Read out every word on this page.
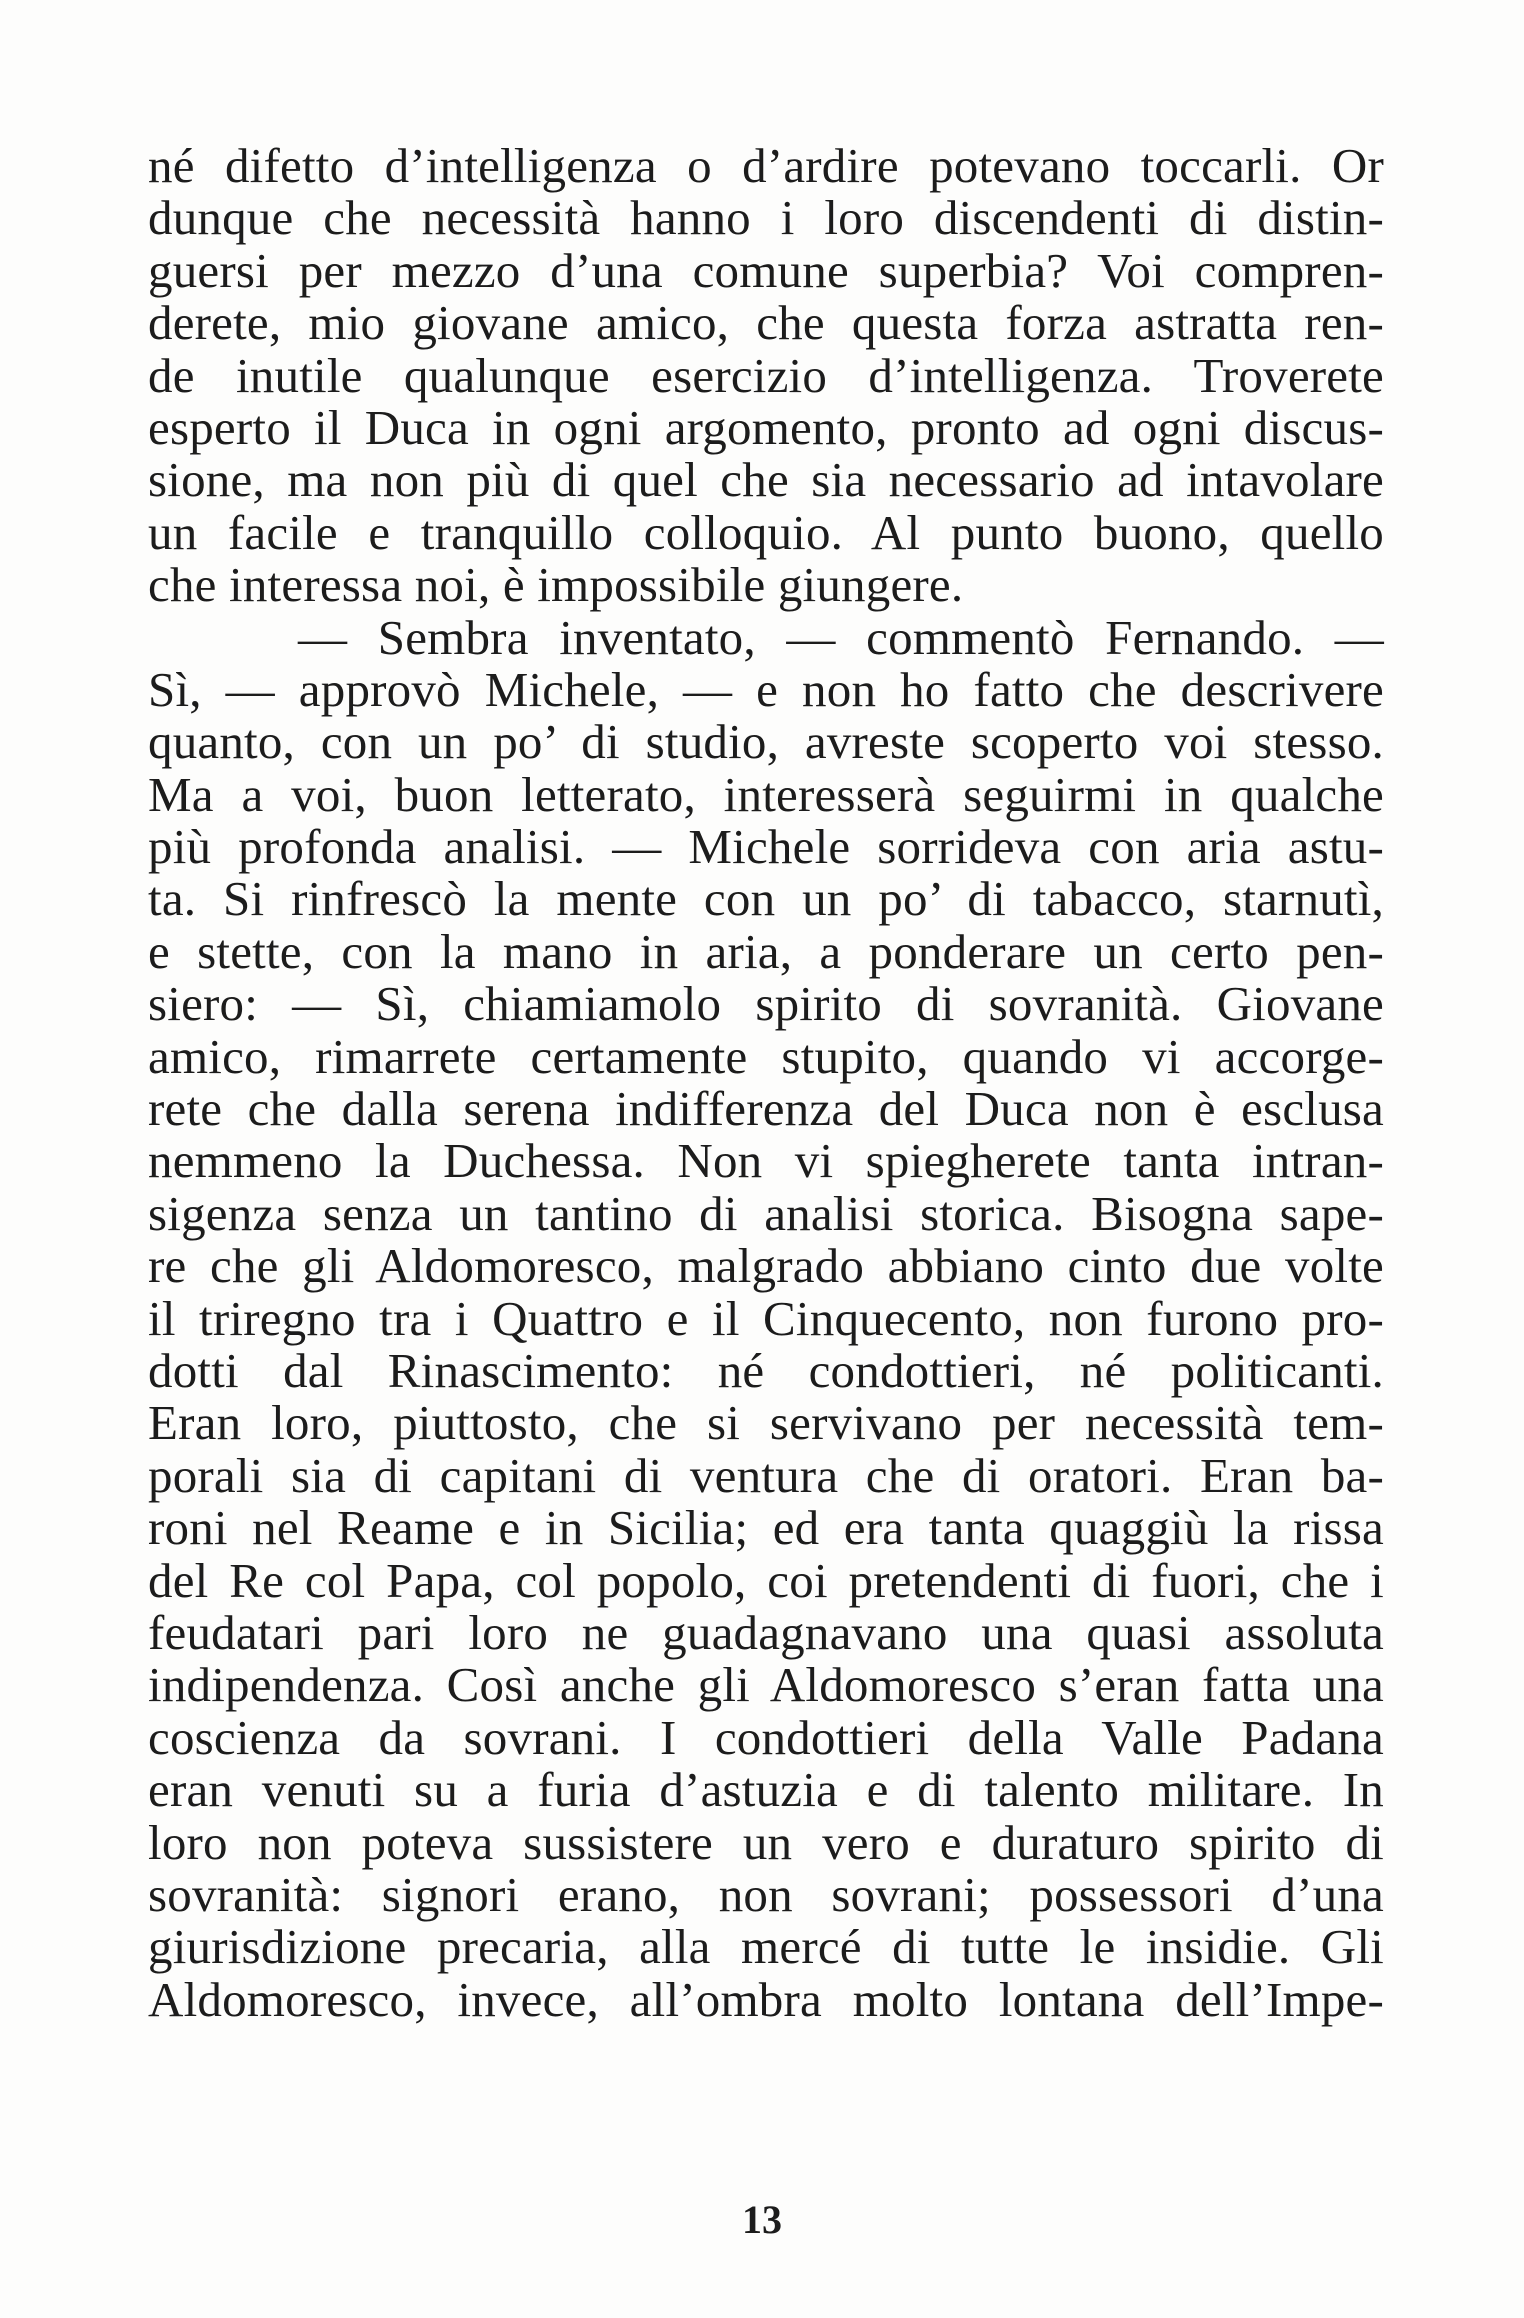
né difetto d’intelligenza o d’ardire potevano toccarli. Or
dunque che necessità hanno i loro discendenti di distin-
guersi per mezzo d’una comune superbia? Voi compren-
derete, mio giovane amico, che questa forza astratta ren-
de inutile qualunque esercizio d’intelligenza. Troverete
esperto il Duca in ogni argomento, pronto ad ogni discus-
sione, ma non più di quel che sia necessario ad intavolare
un facile e tranquillo colloquio. Al punto buono, quello
che interessa noi, è impossibile giungere.
— Sembra inventato, — commentò Fernando. —
Sì, — approvò Michele, — e non ho fatto che descrivere
quanto, con un po’ di studio, avreste scoperto voi stesso.
Ma a voi, buon letterato, interesserà seguirmi in qualche
più profonda analisi. — Michele sorrideva con aria astu-
ta. Si rinfrescò la mente con un po’ di tabacco, starnutì,
e stette, con la mano in aria, a ponderare un certo pen-
siero: — Sì, chiamiamolo spirito di sovranità. Giovane
amico, rimarrete certamente stupito, quando vi accorge-
rete che dalla serena indifferenza del Duca non è esclusa
nemmeno la Duchessa. Non vi spiegherete tanta intran-
sigenza senza un tantino di analisi storica. Bisogna sape-
re che gli Aldomoresco, malgrado abbiano cinto due volte
il triregno tra i Quattro e il Cinquecento, non furono pro-
dotti dal Rinascimento: né condottieri, né politicanti.
Eran loro, piuttosto, che si servivano per necessità tem-
porali sia di capitani di ventura che di oratori. Eran ba-
roni nel Reame e in Sicilia; ed era tanta quaggiù la rissa
del Re col Papa, col popolo, coi pretendenti di fuori, che i
feudatari pari loro ne guadagnavano una quasi assoluta
indipendenza. Così anche gli Aldomoresco s’eran fatta una
coscienza da sovrani. I condottieri della Valle Padana
eran venuti su a furia d’astuzia e di talento militare. In
loro non poteva sussistere un vero e duraturo spirito di
sovranità: signori erano, non sovrani; possessori d’una
giurisdizione precaria, alla mercé di tutte le insidie. Gli
Aldomoresco, invece, all’ombra molto lontana dell’Impe-
13
